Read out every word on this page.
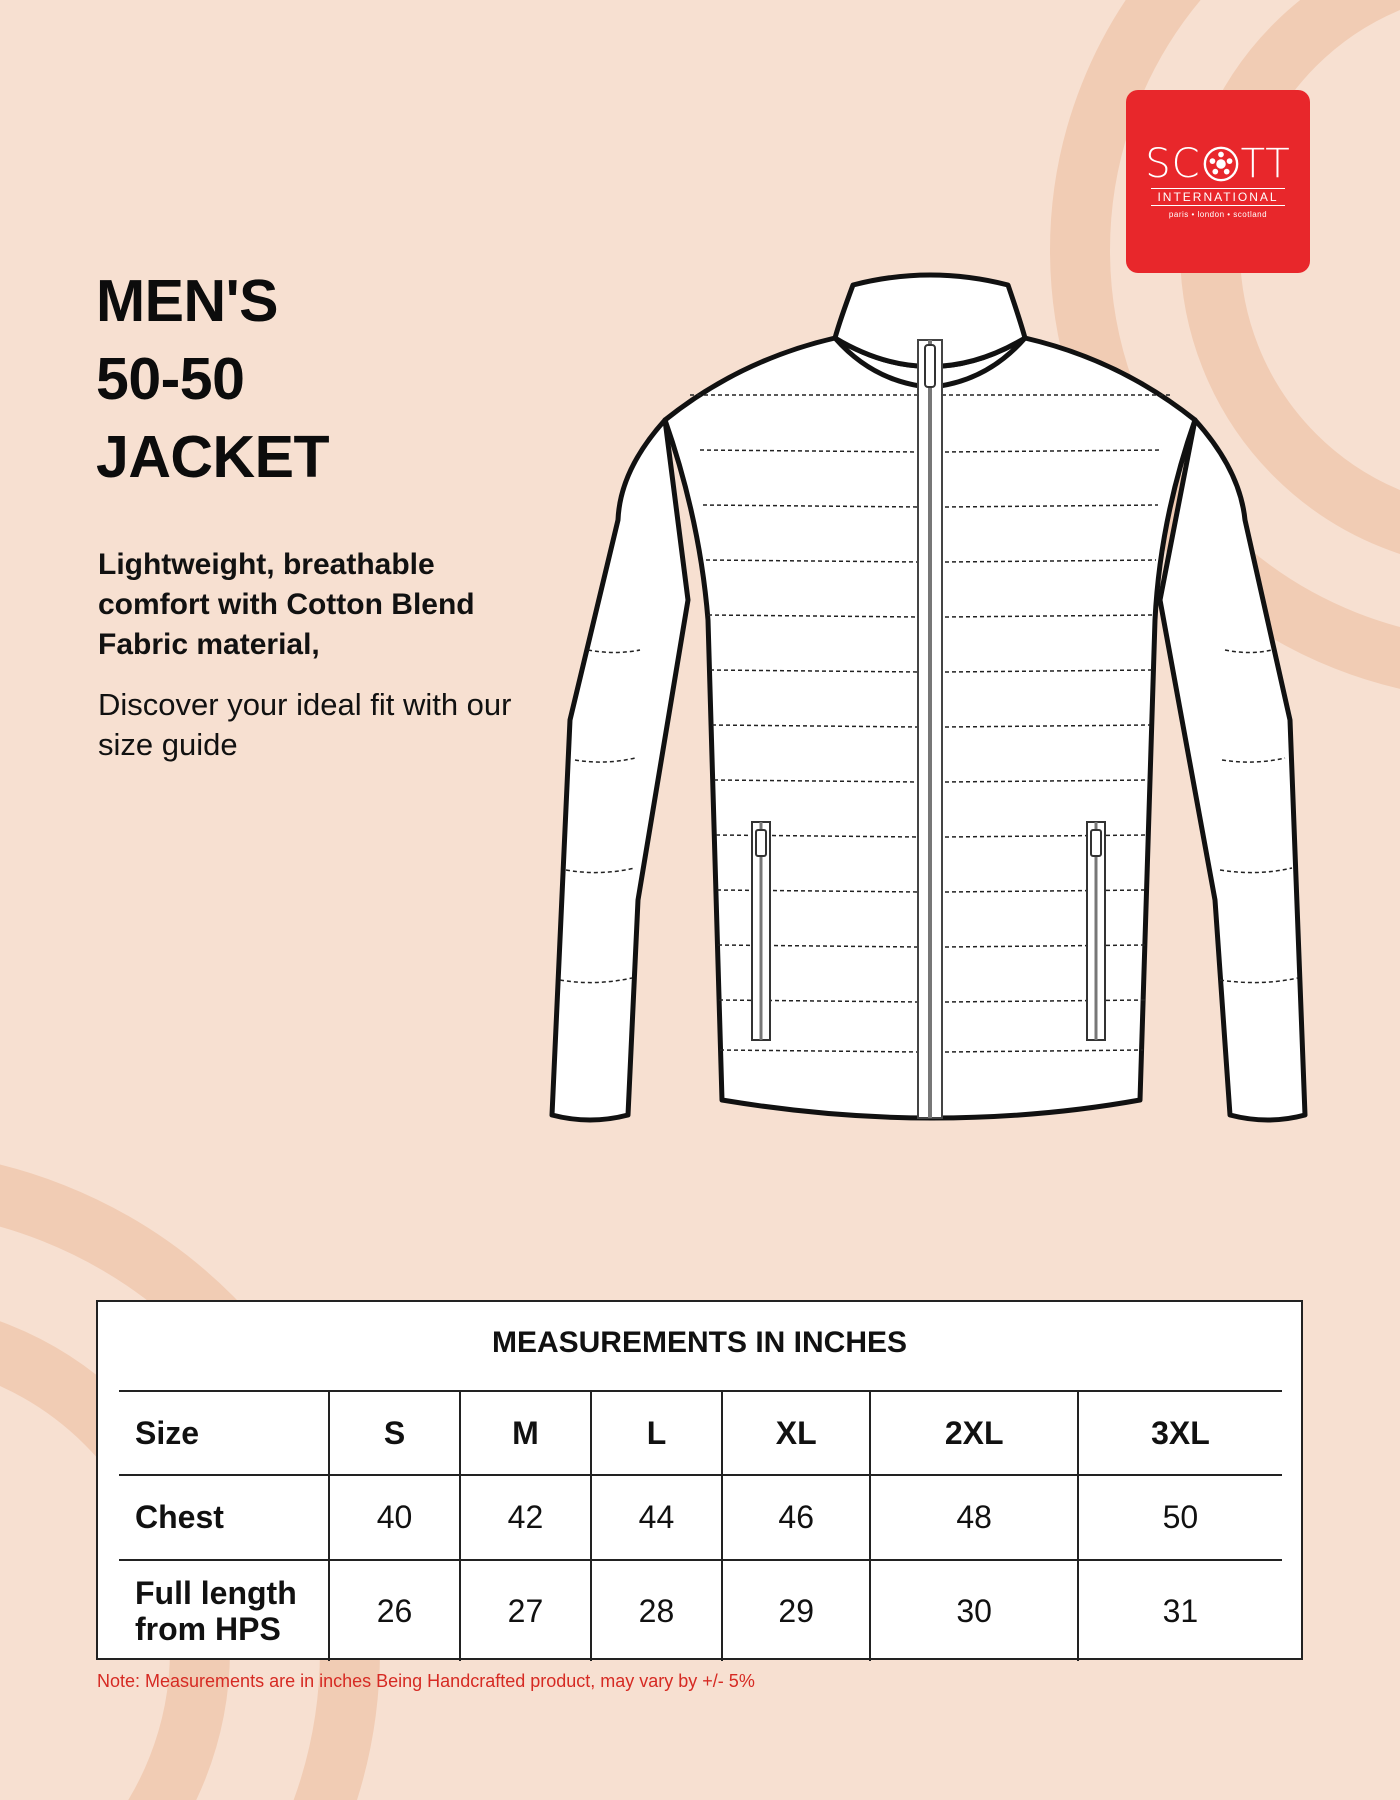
SC TT
INTERNATIONAL
paris • london • scotland
MEN'S
50-50
JACKET

Lightweight, breathable comfort with Cotton Blend Fabric material,

Discover your ideal fit with our size guide

MEASUREMENTS IN INCHES
Size	S	M	L	XL	2XL	3XL
Chest	40	42	44	46	48	50

Full length
from HPS	26	27	28	29	30	31

Note: Measurements are in inches Being Handcrafted product, may vary by +/- 5%
